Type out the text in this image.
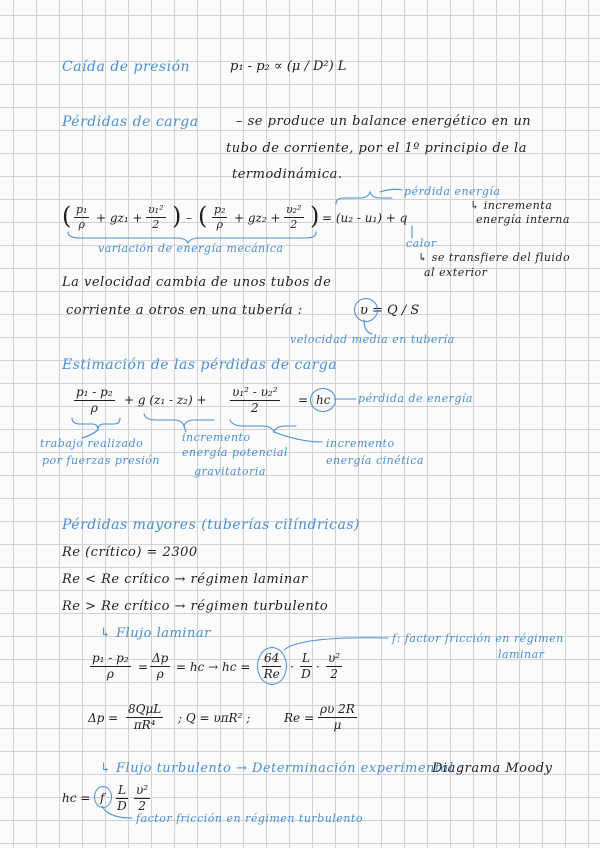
Caída de presión	p₁ - p₂ ∝ (μ / D²) L
Pérdidas de carga	– se produce un balance energético en un
tubo de corriente, por el 1º principio de la
termodinámica.
( $\frac{\text{p₁}}{\rho} + gz_1 + \frac{\text{υ₁²}}{2}$ ) – ( $\frac{\text{p₂}}{\rho} + gz_2 + \frac{\text{υ₂²}}{2}$ ) = (u₂ - u₁) + q
variación de energía mecánica
pérdida energía
↳ incrementa
energía interna
calor
↳ se transfiere del fluido
al exterior
La velocidad cambia de unos tubos de
corriente a otros en una tubería :	υ = Q / S
velocidad media en tubería
Estimación de las pérdidas de carga
$\frac{\text{p₁ - p₂}}{\rho} + g$ $(z_1 - z_2) + \frac{\text{υ₁² - υ₂²}}{2}$ = hc	pérdida de energía
trabajo realizado
por fuerzas presión
incremento
energía potencial
gravitatoria
incremento
energía cinética
Pérdidas mayores (tuberías cilíndricas)
Re (crítico) = 2300
Re < Re crítico → régimen laminar
Re > Re crítico → régimen turbulento
↳ Flujo laminar
$\frac{\text{p₁ - p₂}}{\rho} = \frac{\Delta p}{\rho}$ = hc → hc = $\frac{64}{Re} \cdot \frac{L}{D} \cdot \frac{\text{υ²}}{2}$
f: factor fricción en régimen
laminar
Δp =
8QμL
πR⁴
; Q = υπR² ;	$Re = \frac{\rho\upsilon 2R}{\mu}$
↳ Flujo turbulento → Determinación experimental :
Diagrama Moody
hc = f $\frac{L}{D} \frac{\text{υ²}}{2}$
factor fricción en régimen turbulento
